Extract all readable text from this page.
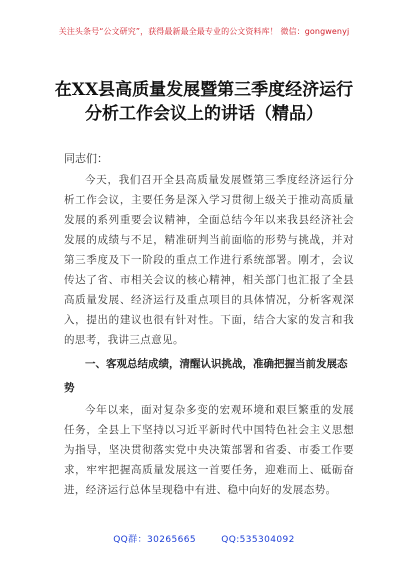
关注头条号“公文研究”，获得最新最全最专业的公文资料库！ 微信：gongwenyj
在XX县高质量发展暨第三季度经济运行
分析工作会议上的讲话（精品）
同志们：

今天，我们召开全县高质量发展暨第三季度经济运行分析工作会议，主要任务是深入学习贯彻上级关于推动高质量发展的系列重要会议精神，全面总结今年以来我县经济社会发展的成绩与不足，精准研判当前面临的形势与挑战，并对第三季度及下一阶段的重点工作进行系统部署。刚才，会议传达了省、市相关会议的核心精神，相关部门也汇报了全县高质量发展、经济运行及重点项目的具体情况，分析客观深入，提出的建议也很有针对性。下面，结合大家的发言和我的思考，我讲三点意见。

一、客观总结成绩，清醒认识挑战，准确把握当前发展态势

今年以来，面对复杂多变的宏观环境和艰巨繁重的发展任务，全县上下坚持以习近平新时代中国特色社会主义思想为指导，坚决贯彻落实党中央决策部署和省委、市委工作要求，牢牢把握高质量发展这一首要任务，迎难而上、砥砺奋进，经济运行总体呈现稳中有进、稳中向好的发展态势。

QQ群：30265665	QQ:535304092
